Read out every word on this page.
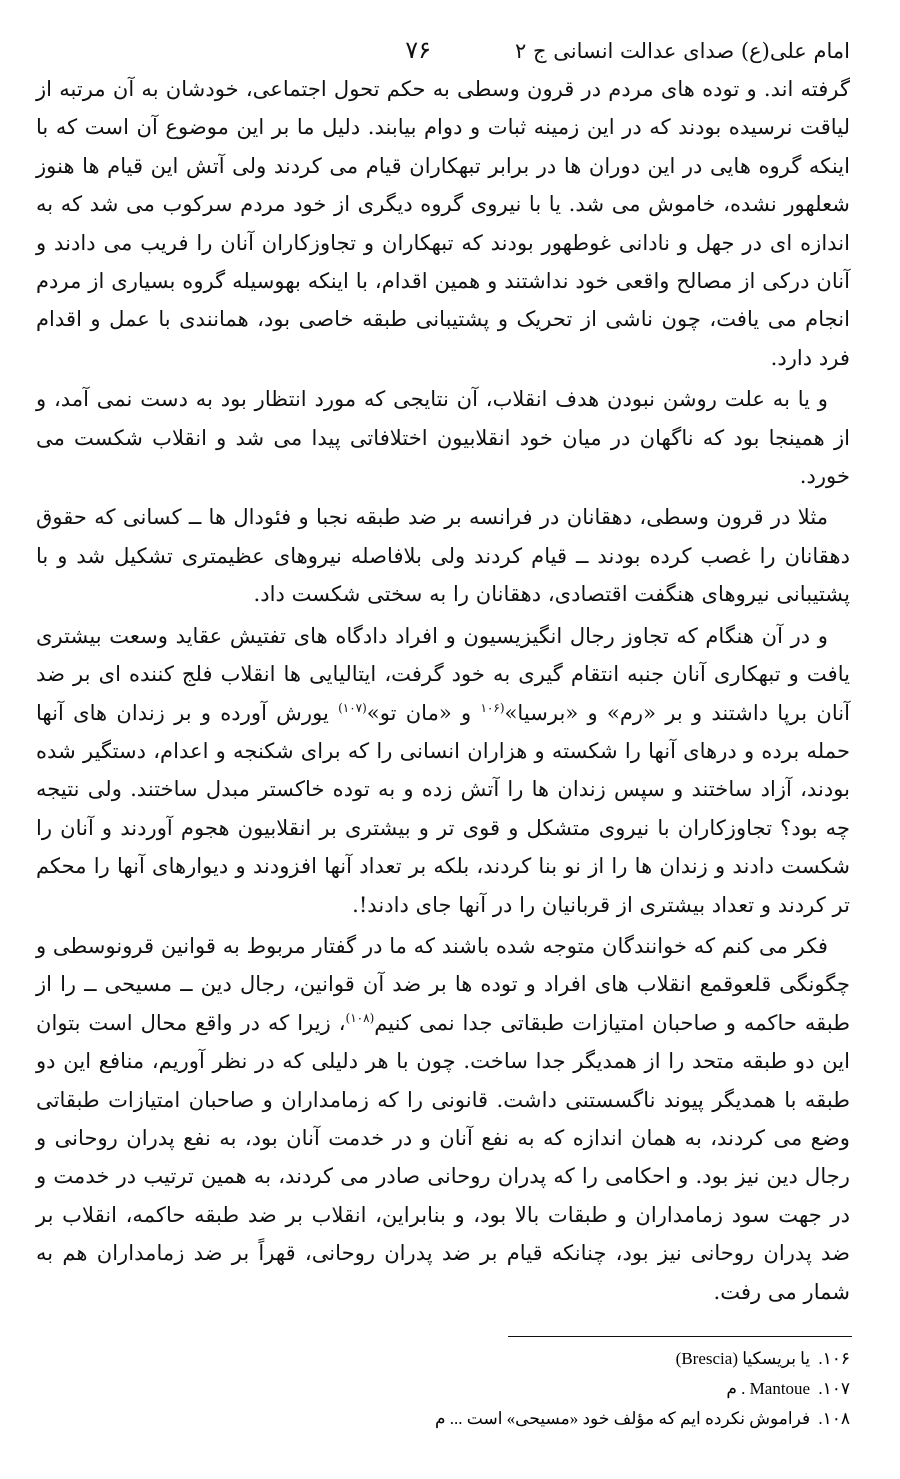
امام علی(ع) صدای عدالت انسانی ج ۲
۷۶

گرفته اند. و توده های مردم در قرون وسطی به حکم تحول اجتماعی، خودشان به آن مرتبه از لیاقت نرسیده بودند که در این زمینه ثبات و دوام بیابند. دلیل ما بر این موضوع آن است که با اینکه گروه هایی در این دوران ها در برابر تبهکاران قیام می کردند ولی آتش این قیام ها هنوز شعلهور نشده، خاموش می شد. یا با نیروی گروه دیگری از خود مردم سرکوب می شد که به اندازه ای در جهل و نادانی غوطهور بودند که تبهکاران و تجاوزکاران آنان را فریب می دادند و آنان درکی از مصالح واقعی خود نداشتند و همین اقدام، با اینکه بهوسیله گروه بسیاری از مردم انجام می یافت، چون ناشی از تحریک و پشتیبانی طبقه خاصی بود، همانندی با عمل و اقدام فرد دارد.

و یا به علت روشن نبودن هدف انقلاب، آن نتایجی که مورد انتظار بود به دست نمی آمد، و از همینجا بود که ناگهان در میان خود انقلابیون اختلافاتی پیدا می شد و انقلاب شکست می خورد.

مثلا در قرون وسطی، دهقانان در فرانسه بر ضد طبقه نجبا و فئودال ها ــ کسانی که حقوق دهقانان را غصب کرده بودند ــ قیام کردند ولی بلافاصله نیروهای عظیمتری تشکیل شد و با پشتیبانی نیروهای هنگفت اقتصادی، دهقانان را به سختی شکست داد.

و در آن هنگام که تجاوز رجال انگیزیسیون و افراد دادگاه های تفتیش عقاید وسعت بیشتری یافت و تبهکاری آنان جنبه انتقام گیری به خود گرفت، ایتالیایی ها انقلاب فلج کننده ای بر ضد آنان برپا داشتند و بر «رم» و «برسیا»$^{(۱۰۶}$ و «مان تو»$^{(۱۰۷)}$ یورش آورده و بر زندان های آنها حمله برده و درهای آنها را شکسته و هزاران انسانی را که برای شکنجه و اعدام، دستگیر شده بودند، آزاد ساختند و سپس زندان ها را آتش زده و به توده خاکستر مبدل ساختند. ولی نتیجه چه بود؟ تجاوزکاران با نیروی متشکل و قوی تر و بیشتری بر انقلابیون هجوم آوردند و آنان را شکست دادند و زندان ها را از نو بنا کردند، بلکه بر تعداد آنها افزودند و دیوارهای آنها را محکم تر کردند و تعداد بیشتری از قربانیان را در آنها جای دادند!.

فکر می کنم که خوانندگان متوجه شده باشند که ما در گفتار مربوط به قوانین قرونوسطی و چگونگی قلعوقمع انقلاب های افراد و توده ها بر ضد آن قوانین، رجال دین ــ مسیحی ــ را از طبقه حاکمه و صاحبان امتیازات طبقاتی جدا نمی کنیم$^{(۱۰۸)}$، زیرا که در واقع محال است بتوان این دو طبقه متحد را از همدیگر جدا ساخت. چون با هر دلیلی که در نظر آوریم، منافع این دو طبقه با همدیگر پیوند ناگسستنی داشت. قانونی را که زمامداران و صاحبان امتیازات طبقاتی وضع می کردند، به همان اندازه که به نفع آنان و در خدمت آنان بود، به نفع پدران روحانی و رجال دین نیز بود. و احکامی را که پدران روحانی صادر می کردند، به همین ترتیب در خدمت و در جهت سود زمامداران و طبقات بالا بود، و بنابراین، انقلاب بر ضد طبقه حاکمه، انقلاب بر ضد پدران روحانی نیز بود، چنانکه قیام بر ضد پدران روحانی، قهراً بر ضد زمامداران هم به شمار می رفت.

۱۰۶. یا بریسکیا (Brescia)
۱۰۷. Mantoue . م
۱۰۸. فراموش نکرده ایم که مؤلف خود «مسیحی» است ... م
